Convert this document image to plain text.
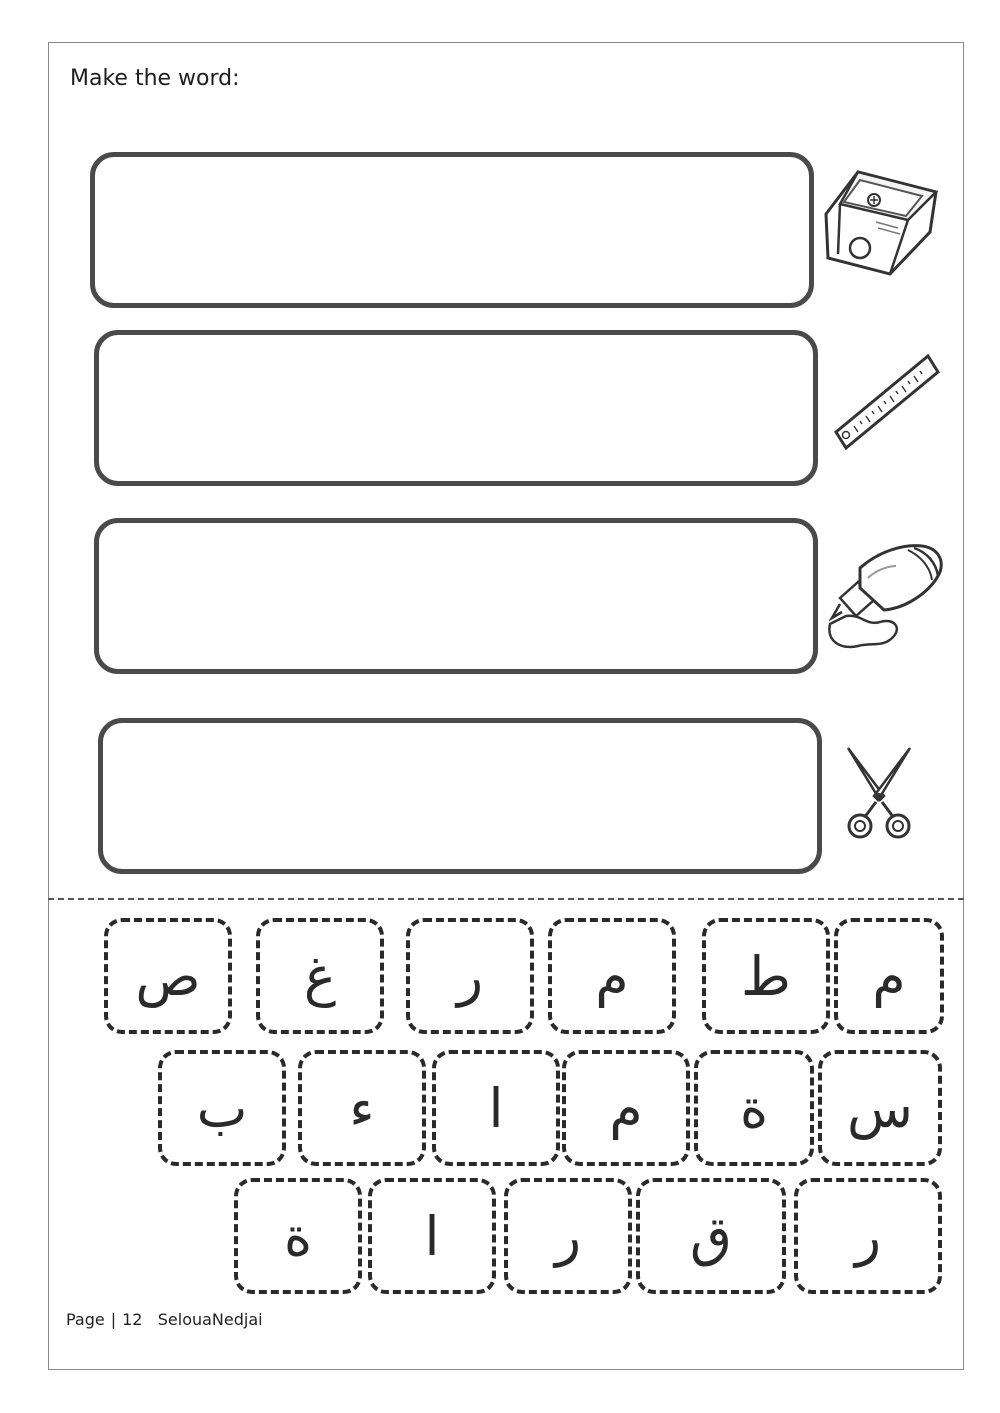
Make the word:
ص	غ	ر	م	ط	م
ب	ء	ا	م	ة	س
ة	ا	ر	ق	ر
Page | 12 SelouaNedjai
